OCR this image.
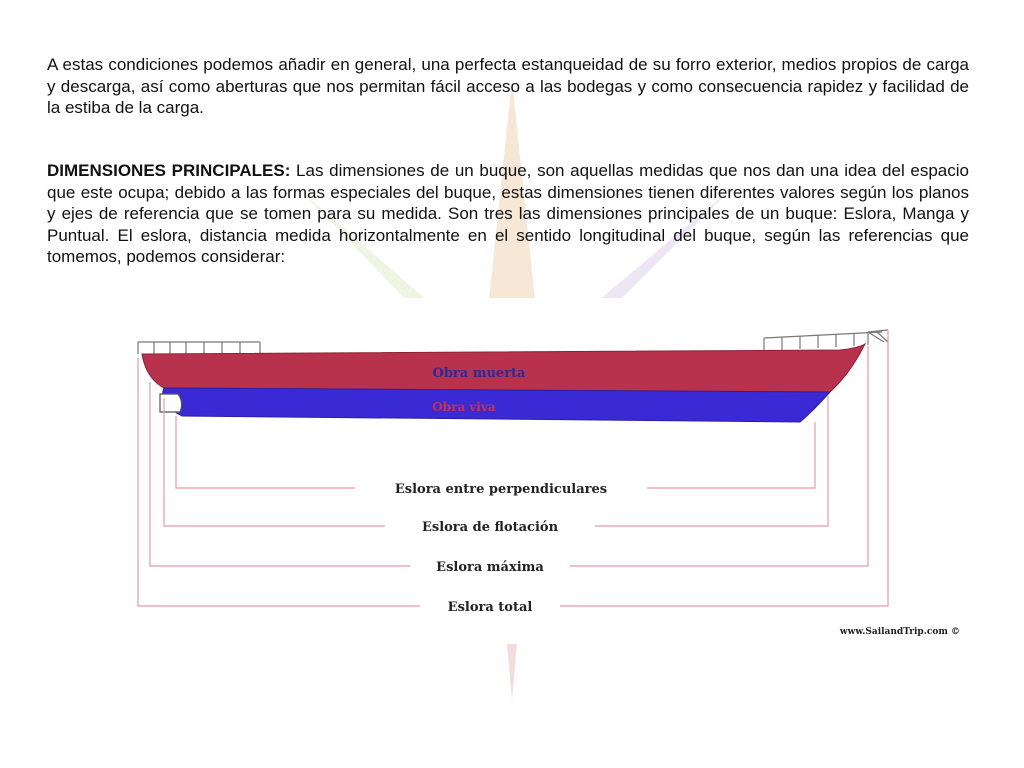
A estas condiciones podemos añadir en general, una perfecta estanqueidad de su forro exterior, medios propios de carga y descarga, así como aberturas que nos permitan fácil acceso a las bodegas y como consecuencia rapidez y facilidad de la estiba de la carga.

DIMENSIONES PRINCIPALES: Las dimensiones de un buque, son aquellas medidas que nos dan una idea del espacio que este ocupa; debido a las formas especiales del buque, estas dimensiones tienen diferentes valores según los planos y ejes de referencia que se tomen para su medida. Son tres las dimensiones principales de un buque: Eslora, Manga y Puntual. El eslora, distancia medida horizontalmente en el sentido longitudinal del buque, según las referencias que tomemos, podemos considerar:

Obra muerta
Obra viva
Eslora entre perpendiculares
Eslora de flotación
Eslora máxima
Eslora total
www.SailandTrip.com ©
